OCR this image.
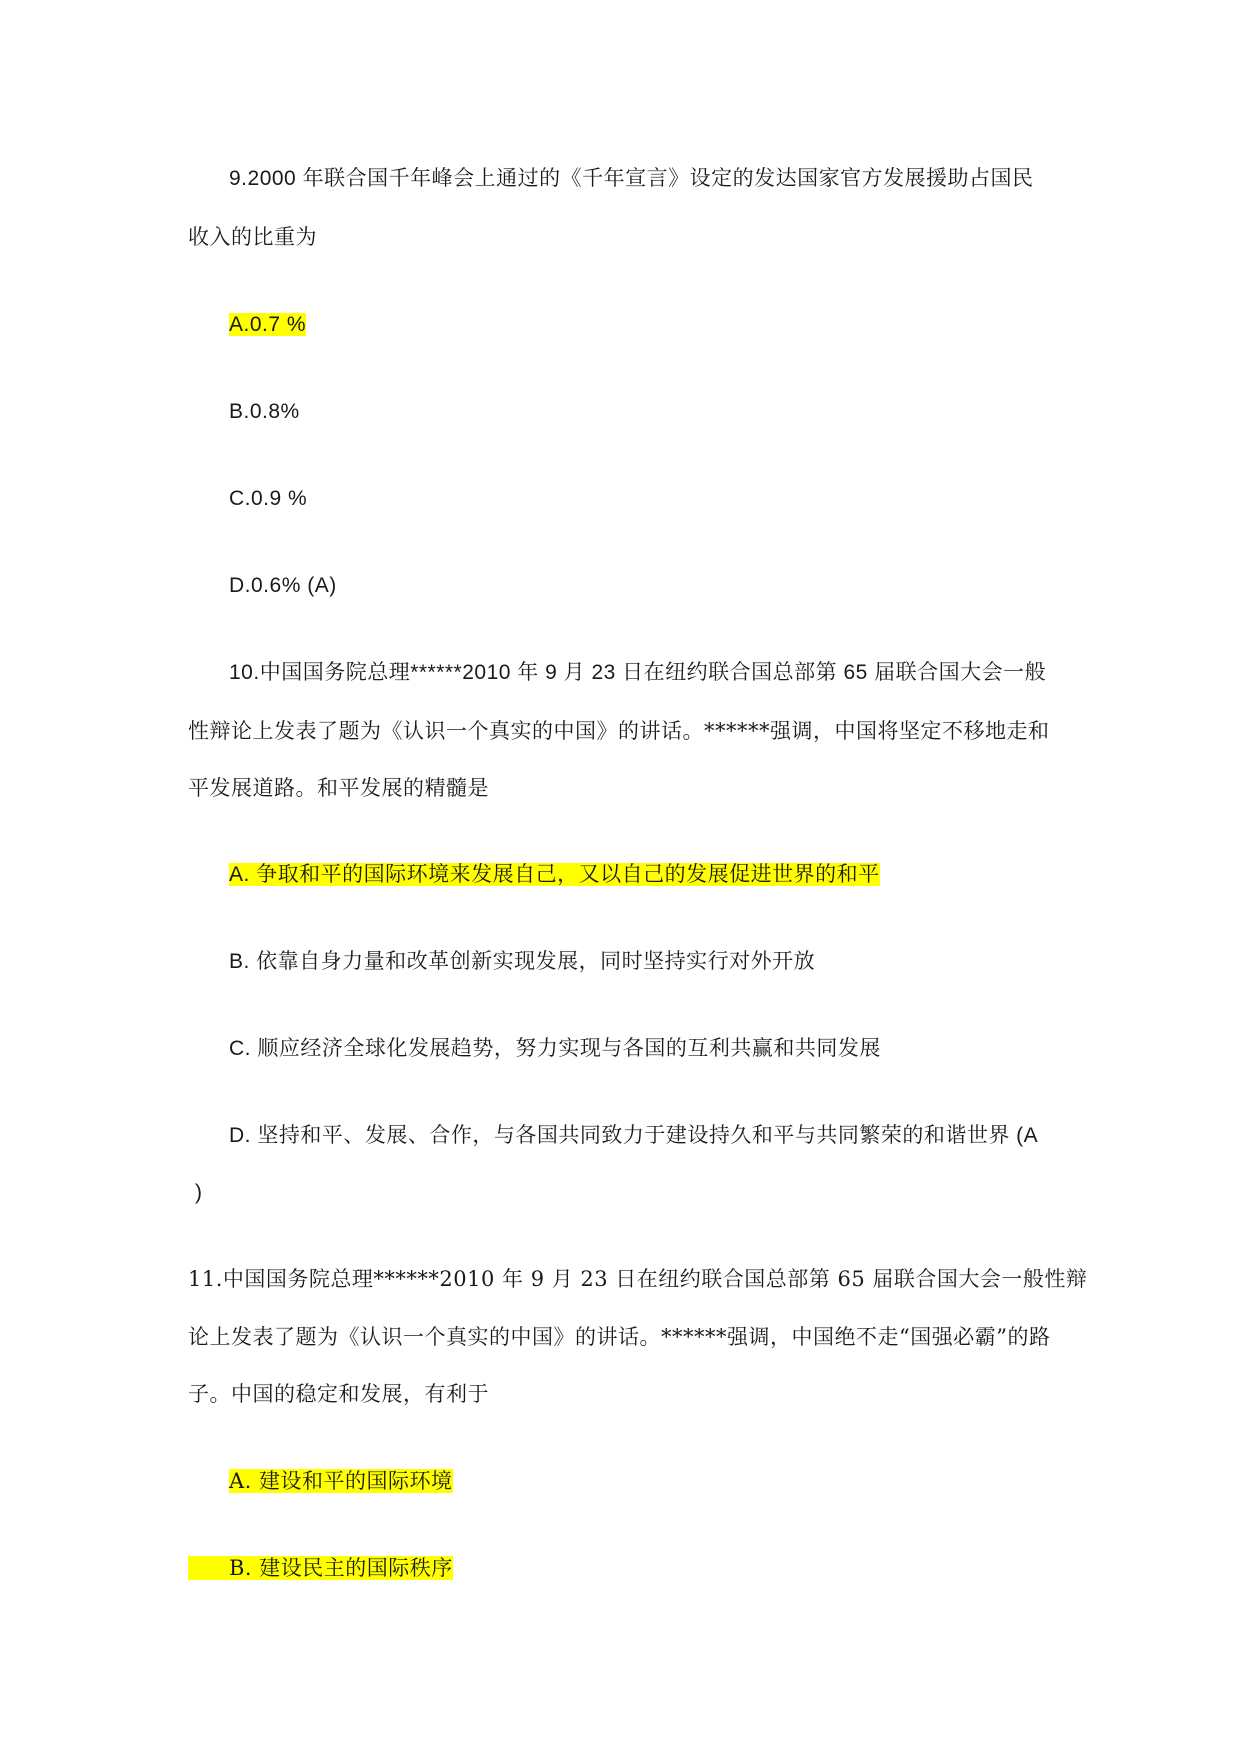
9.2000 年联合国千年峰会上通过的《千年宣言》设定的发达国家官方发展援助占国民
收入的比重为
A.0.7 %
B.0.8%
C.0.9 %
D.0.6% (A)
10.中国国务院总理******2010 年 9 月 23 日在纽约联合国总部第 65 届联合国大会一般
性辩论上发表了题为《认识一个真实的中国》的讲话。******强调，中国将坚定不移地走和
平发展道路。和平发展的精髓是
A. 争取和平的国际环境来发展自己，又以自己的发展促进世界的和平
B. 依靠自身力量和改革创新实现发展，同时坚持实行对外开放
C. 顺应经济全球化发展趋势，努力实现与各国的互利共赢和共同发展
D. 坚持和平、发展、合作，与各国共同致力于建设持久和平与共同繁荣的和谐世界 (A
)
11.中国国务院总理******2010 年 9 月 23 日在纽约联合国总部第 65 届联合国大会一般性辩
论上发表了题为《认识一个真实的中国》的讲话。******强调，中国绝不走“国强必霸”的路
子。中国的稳定和发展，有利于
A. 建设和平的国际环境
B. 建设民主的国际秩序
